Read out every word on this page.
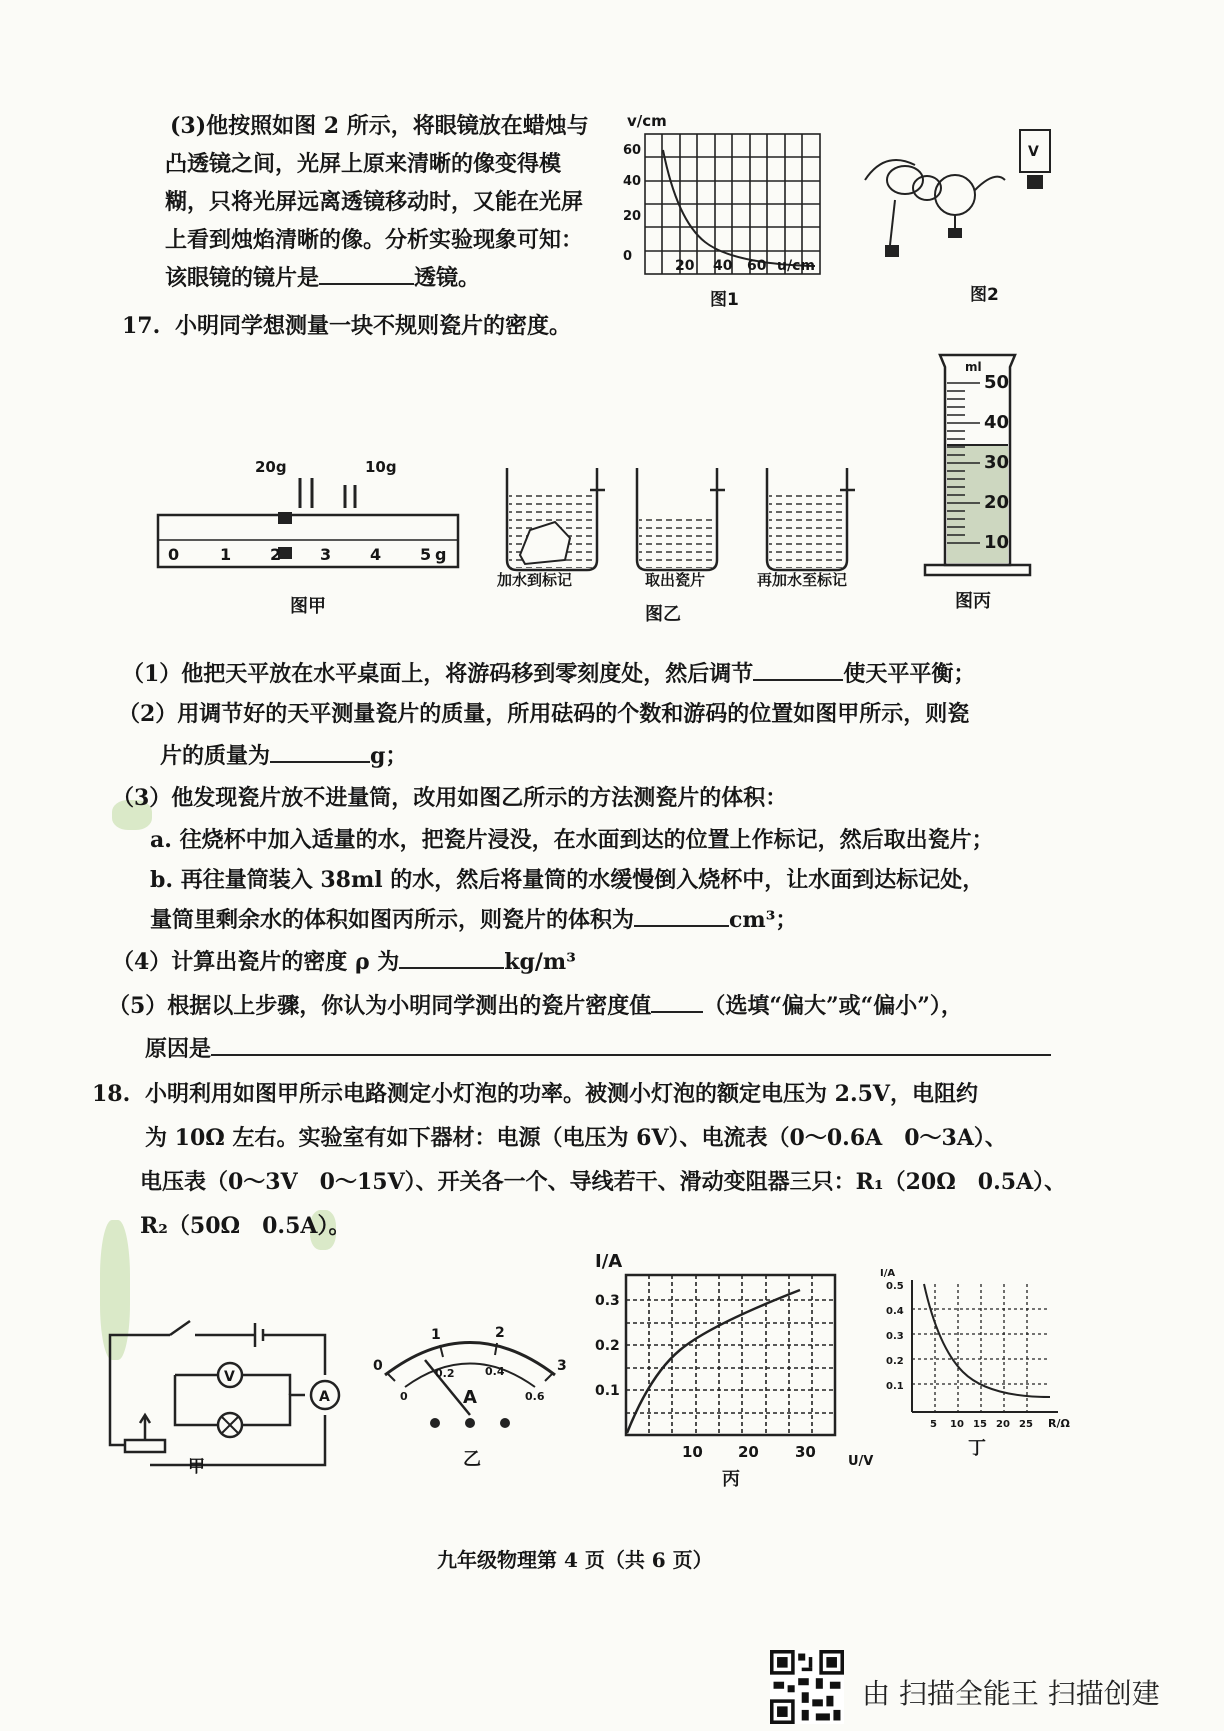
(3)他按照如图 2 所示，将眼镜放在蜡烛与
凸透镜之间，光屏上原来清晰的像变得模
糊，只将光屏远离透镜移动时，又能在光屏
上看到烛焰清晰的像。分析实验现象可知：
该眼镜的镜片是	透镜。
v/cm
60
40
20
0
20 40 60 u/cm
图1
V
图2
17. 小明同学想测量一块不规则瓷片的密度。
20g	10g
0	1 2 3 4 5 g
图甲
加水到标记	取出瓷片	再加水至标记
图乙
ml
50
40
30
20
10
图丙
（1）他把天平放在水平桌面上，将游码移到零刻度处，然后调节	使天平平衡；
（2）用调节好的天平测量瓷片的质量，所用砝码的个数和游码的位置如图甲所示，则瓷
片的质量为	g；
（3）他发现瓷片放不进量筒，改用如图乙所示的方法测瓷片的体积：
a. 往烧杯中加入适量的水，把瓷片浸没，在水面到达的位置上作标记，然后取出瓷片；
b. 再往量筒装入 38ml 的水，然后将量筒的水缓慢倒入烧杯中，让水面到达标记处，
量筒里剩余水的体积如图丙所示，则瓷片的体积为	cm³；
（4）计算出瓷片的密度 ρ 为	kg/m³
（5）根据以上步骤，你认为小明同学测出的瓷片密度值 （选填“偏大”或“偏小”），
原因是
18. 小明利用如图甲所示电路测定小灯泡的功率。被测小灯泡的额定电压为 2.5V，电阻约
为 10Ω 左右。实验室有如下器材：电源（电压为 6V）、电流表（0～0.6A　0～3A）、
电压表（0～3V　0～15V）、开关各一个、导线若干、滑动变阻器三只：R₁（20Ω　0.5A）、
R₂（50Ω　0.5A）。
V
A
甲
0
1	2
3
0
0.2	0.4
0.6
A
乙
I/A
0.3
0.2
0.1
10 20 30
U/V
丙
I/A
0.5
0.4
0.3
0.2
0.1
5 10 15 20 25 R/Ω
丁
九年级物理第 4 页（共 6 页）
由 扫描全能王 扫描创建
